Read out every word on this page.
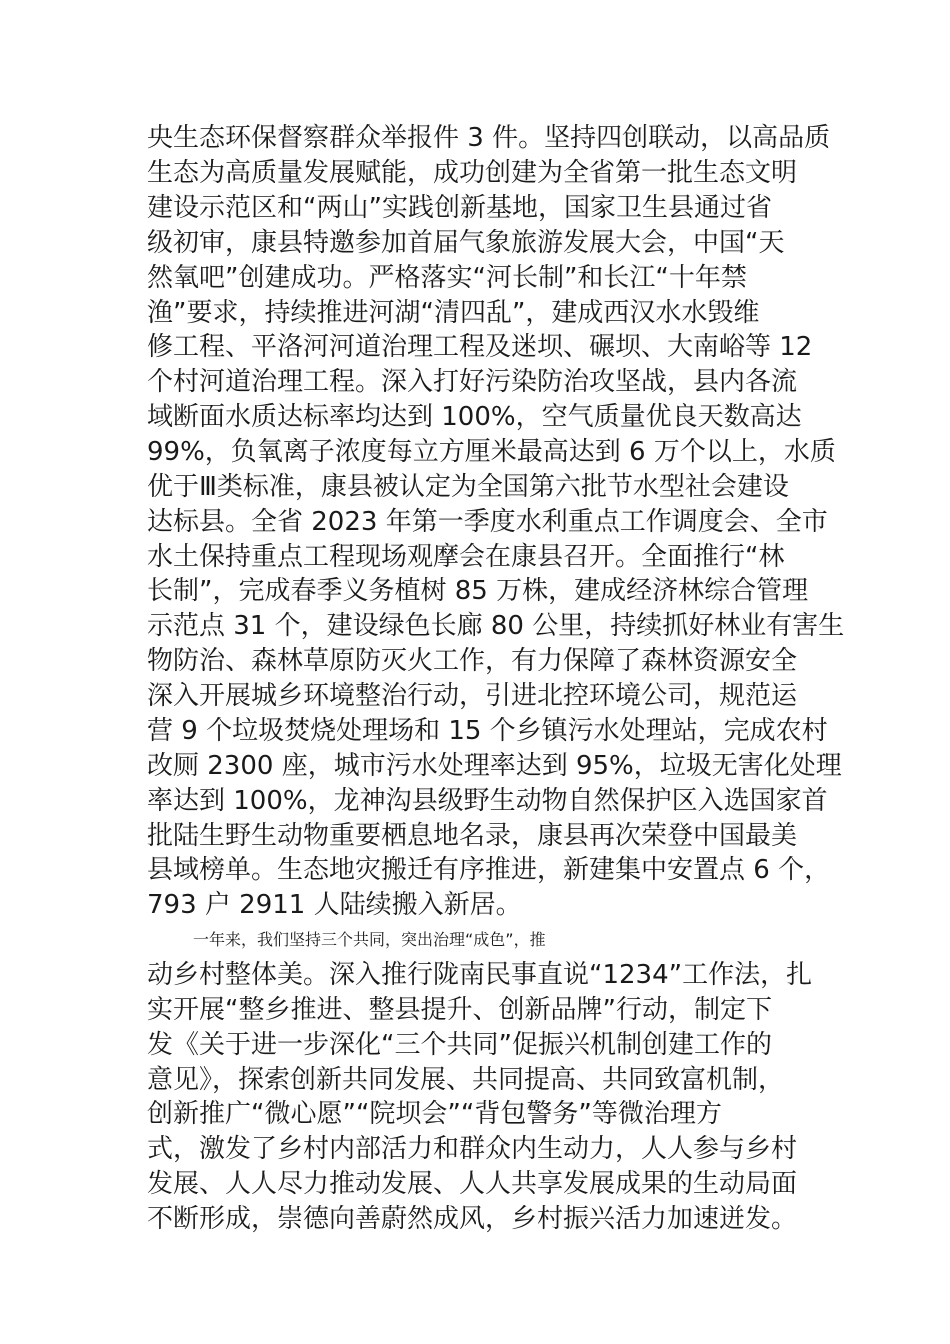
央生态环保督察群众举报件 3 件。坚持四创联动，以高品质
生态为高质量发展赋能，成功创建为全省第一批生态文明
建设示范区和“两山”实践创新基地，国家卫生县通过省
级初审，康县特邀参加首届气象旅游发展大会，中国“天
然氧吧”创建成功。严格落实“河长制”和长江“十年禁
渔”要求，持续推进河湖“清四乱”，建成西汉水水毁维
修工程、平洛河河道治理工程及迷坝、碾坝、大南峪等 12
个村河道治理工程。深入打好污染防治攻坚战，县内各流
域断面水质达标率均达到 100%，空气质量优良天数高达
99%，负氧离子浓度每立方厘米最高达到 6 万个以上，水质
优于Ⅲ类标准，康县被认定为全国第六批节水型社会建设
达标县。全省 2023 年第一季度水利重点工作调度会、全市
水土保持重点工程现场观摩会在康县召开。全面推行“林
长制”，完成春季义务植树 85 万株，建成经济林综合管理
示范点 31 个，建设绿色长廊 80 公里，持续抓好林业有害生
物防治、森林草原防灭火工作，有力保障了森林资源安全
深入开展城乡环境整治行动，引进北控环境公司，规范运
营 9 个垃圾焚烧处理场和 15 个乡镇污水处理站，完成农村
改厕 2300 座，城市污水处理率达到 95%，垃圾无害化处理
率达到 100%，龙神沟县级野生动物自然保护区入选国家首
批陆生野生动物重要栖息地名录，康县再次荣登中国最美
县域榜单。生态地灾搬迁有序推进，新建集中安置点 6 个，
793 户 2911 人陆续搬入新居。
一年来，我们坚持三个共同，突出治理“成色”，推
动乡村整体美。深入推行陇南民事直说“1234”工作法，扎
实开展“整乡推进、整县提升、创新品牌”行动，制定下
发《关于进一步深化“三个共同”促振兴机制创建工作的
意见》，探索创新共同发展、共同提高、共同致富机制，
创新推广“微心愿”“院坝会”“背包警务”等微治理方
式，激发了乡村内部活力和群众内生动力，人人参与乡村
发展、人人尽力推动发展、人人共享发展成果的生动局面
不断形成，崇德向善蔚然成风，乡村振兴活力加速迸发。
